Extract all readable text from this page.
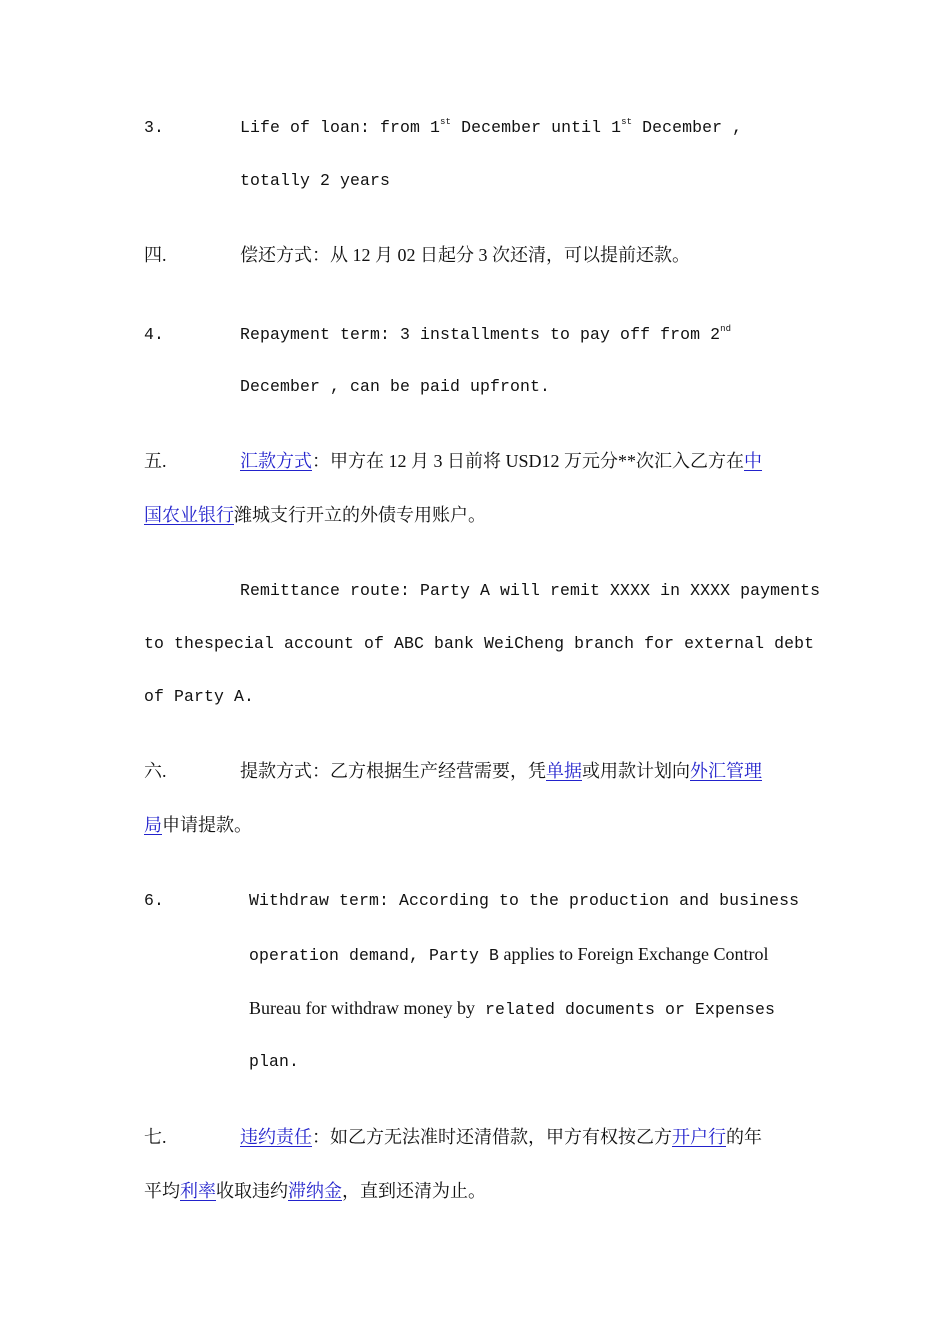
3.	Life of loan: from 1st December until 1st December ,
totally 2 years
四.	偿还方式：从 12 月 02 日起分 3 次还清，可以提前还款。
4.	Repayment term: 3 installments to pay off from 2nd
December , can be paid upfront.
五.	汇款方式：甲方在 12 月 3 日前将 USD12 万元分**次汇入乙方在中
国农业银行潍城支行开立的外债专用账户。
Remittance route: Party A will remit XXXX in XXXX payments
to thespecial account of ABC bank WeiCheng branch for external debt
of Party A.
六.	提款方式：乙方根据生产经营需要，凭单据或用款计划向外汇管理
局申请提款。
6.	Withdraw term: According to the production and business
operation demand, Party B applies to Foreign Exchange Control
Bureau for withdraw money by related documents or Expenses
plan.
七.	违约责任：如乙方无法准时还清借款，甲方有权按乙方开户行的年
平均利率收取违约滞纳金，直到还清为止。
